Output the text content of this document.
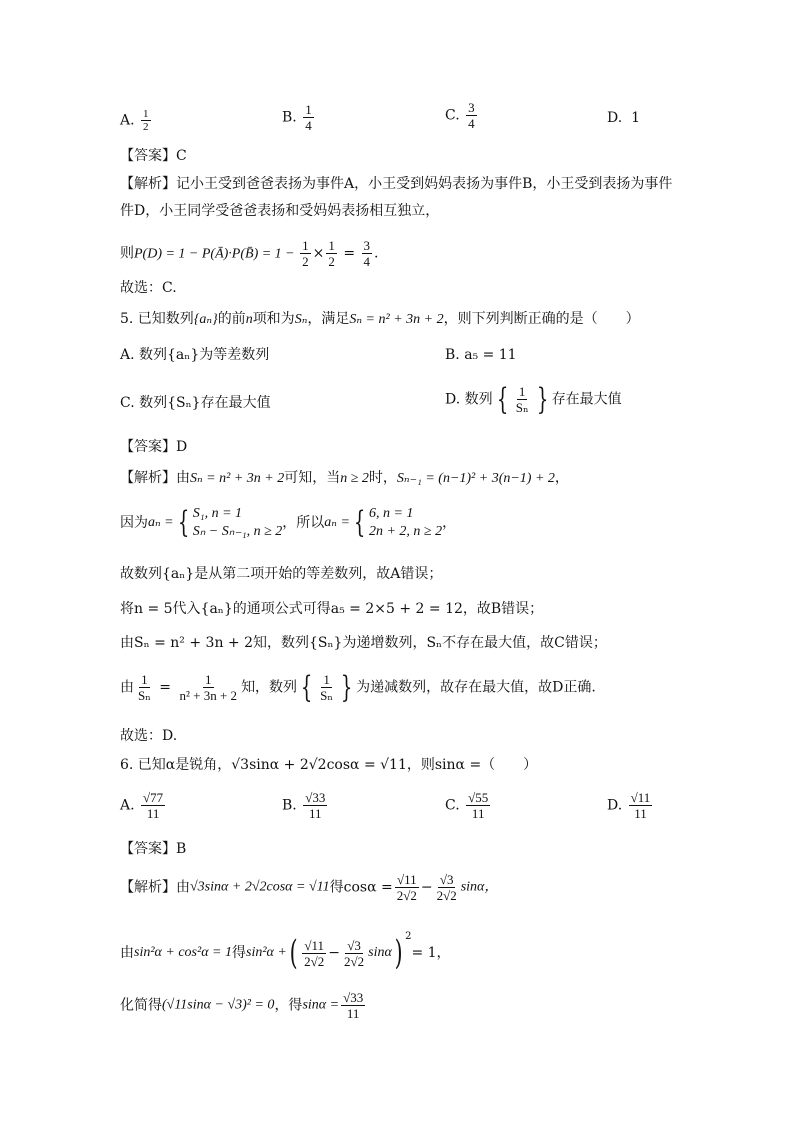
A. $\frac{1}{2}$	B. $\frac{1}{4}$	C. $\frac{3}{4}$	D. 1
【答案】C
【解析】记小王受到爸爸表扬为事件A，小王受到妈妈表扬为事件B，小王受到表扬为事件
件D，小王同学受爸爸表扬和受妈妈表扬相互独立，
则P(D) = 1 − P(Ā)·P(B̄) = $1 - \frac{1}{2} \times \frac{1}{2} = \frac{3}{4}$ .
故选：C.
5. 已知数列{aₙ}的前n项和为Sₙ，满足Sₙ = n² + 3n + 2，则下列判断正确的是（　　）
A. 数列{aₙ}为等差数列	B. a₅ = 11
C. 数列{Sₙ}存在最大值	D. 数列 { $\frac{1}{\text{Sₙ}}$ } 存在最大值
【答案】D
【解析】由Sₙ = n² + 3n + 2可知，当n ≥ 2时，Sₙ₋₁ = (n−1)² + 3(n−1) + 2，
因为aₙ = { S₁, n = 1
Sₙ − Sₙ₋₁, n ≥ 2
，所以aₙ = { 6, n = 1
2n + 2, n ≥ 2
，
故数列{aₙ}是从第二项开始的等差数列，故A错误；
将n = 5代入{aₙ}的通项公式可得a₅ = 2×5 + 2 = 12，故B错误；
由Sₙ = n² + 3n + 2知，数列{Sₙ}为递增数列，Sₙ不存在最大值，故C错误；
由 $\frac{1}{\text{Sₙ}} = \frac{1}{\text{n² + 3n + 2}}$ 知，数列 { $\frac{1}{\text{Sₙ}}$ } 为递减数列，故存在最大值，故D正确.
故选：D.
6. 已知α是锐角，√3sinα + 2√2cosα = √11，则sinα =（　　）
A. $\frac{√77}{11}$	B. $\frac{√33}{11}$	C. $\frac{√55}{11}$	D. $\frac{√11}{11}$
【答案】B
【解析】由√3sinα + 2√2cosα = √11得$\cos\alpha = \frac{√11}{2√2} - \frac{√3}{2√2}$ sinα，
由sin²α + cos²α = 1得sin²α +( $\frac{√11}{2√2} - \frac{√3}{2√2} \sin\alpha$) $^2$= 1，
化简得(√11sinα − √3)² = 0，得$\sin\alpha = \frac{√33}{11}$
